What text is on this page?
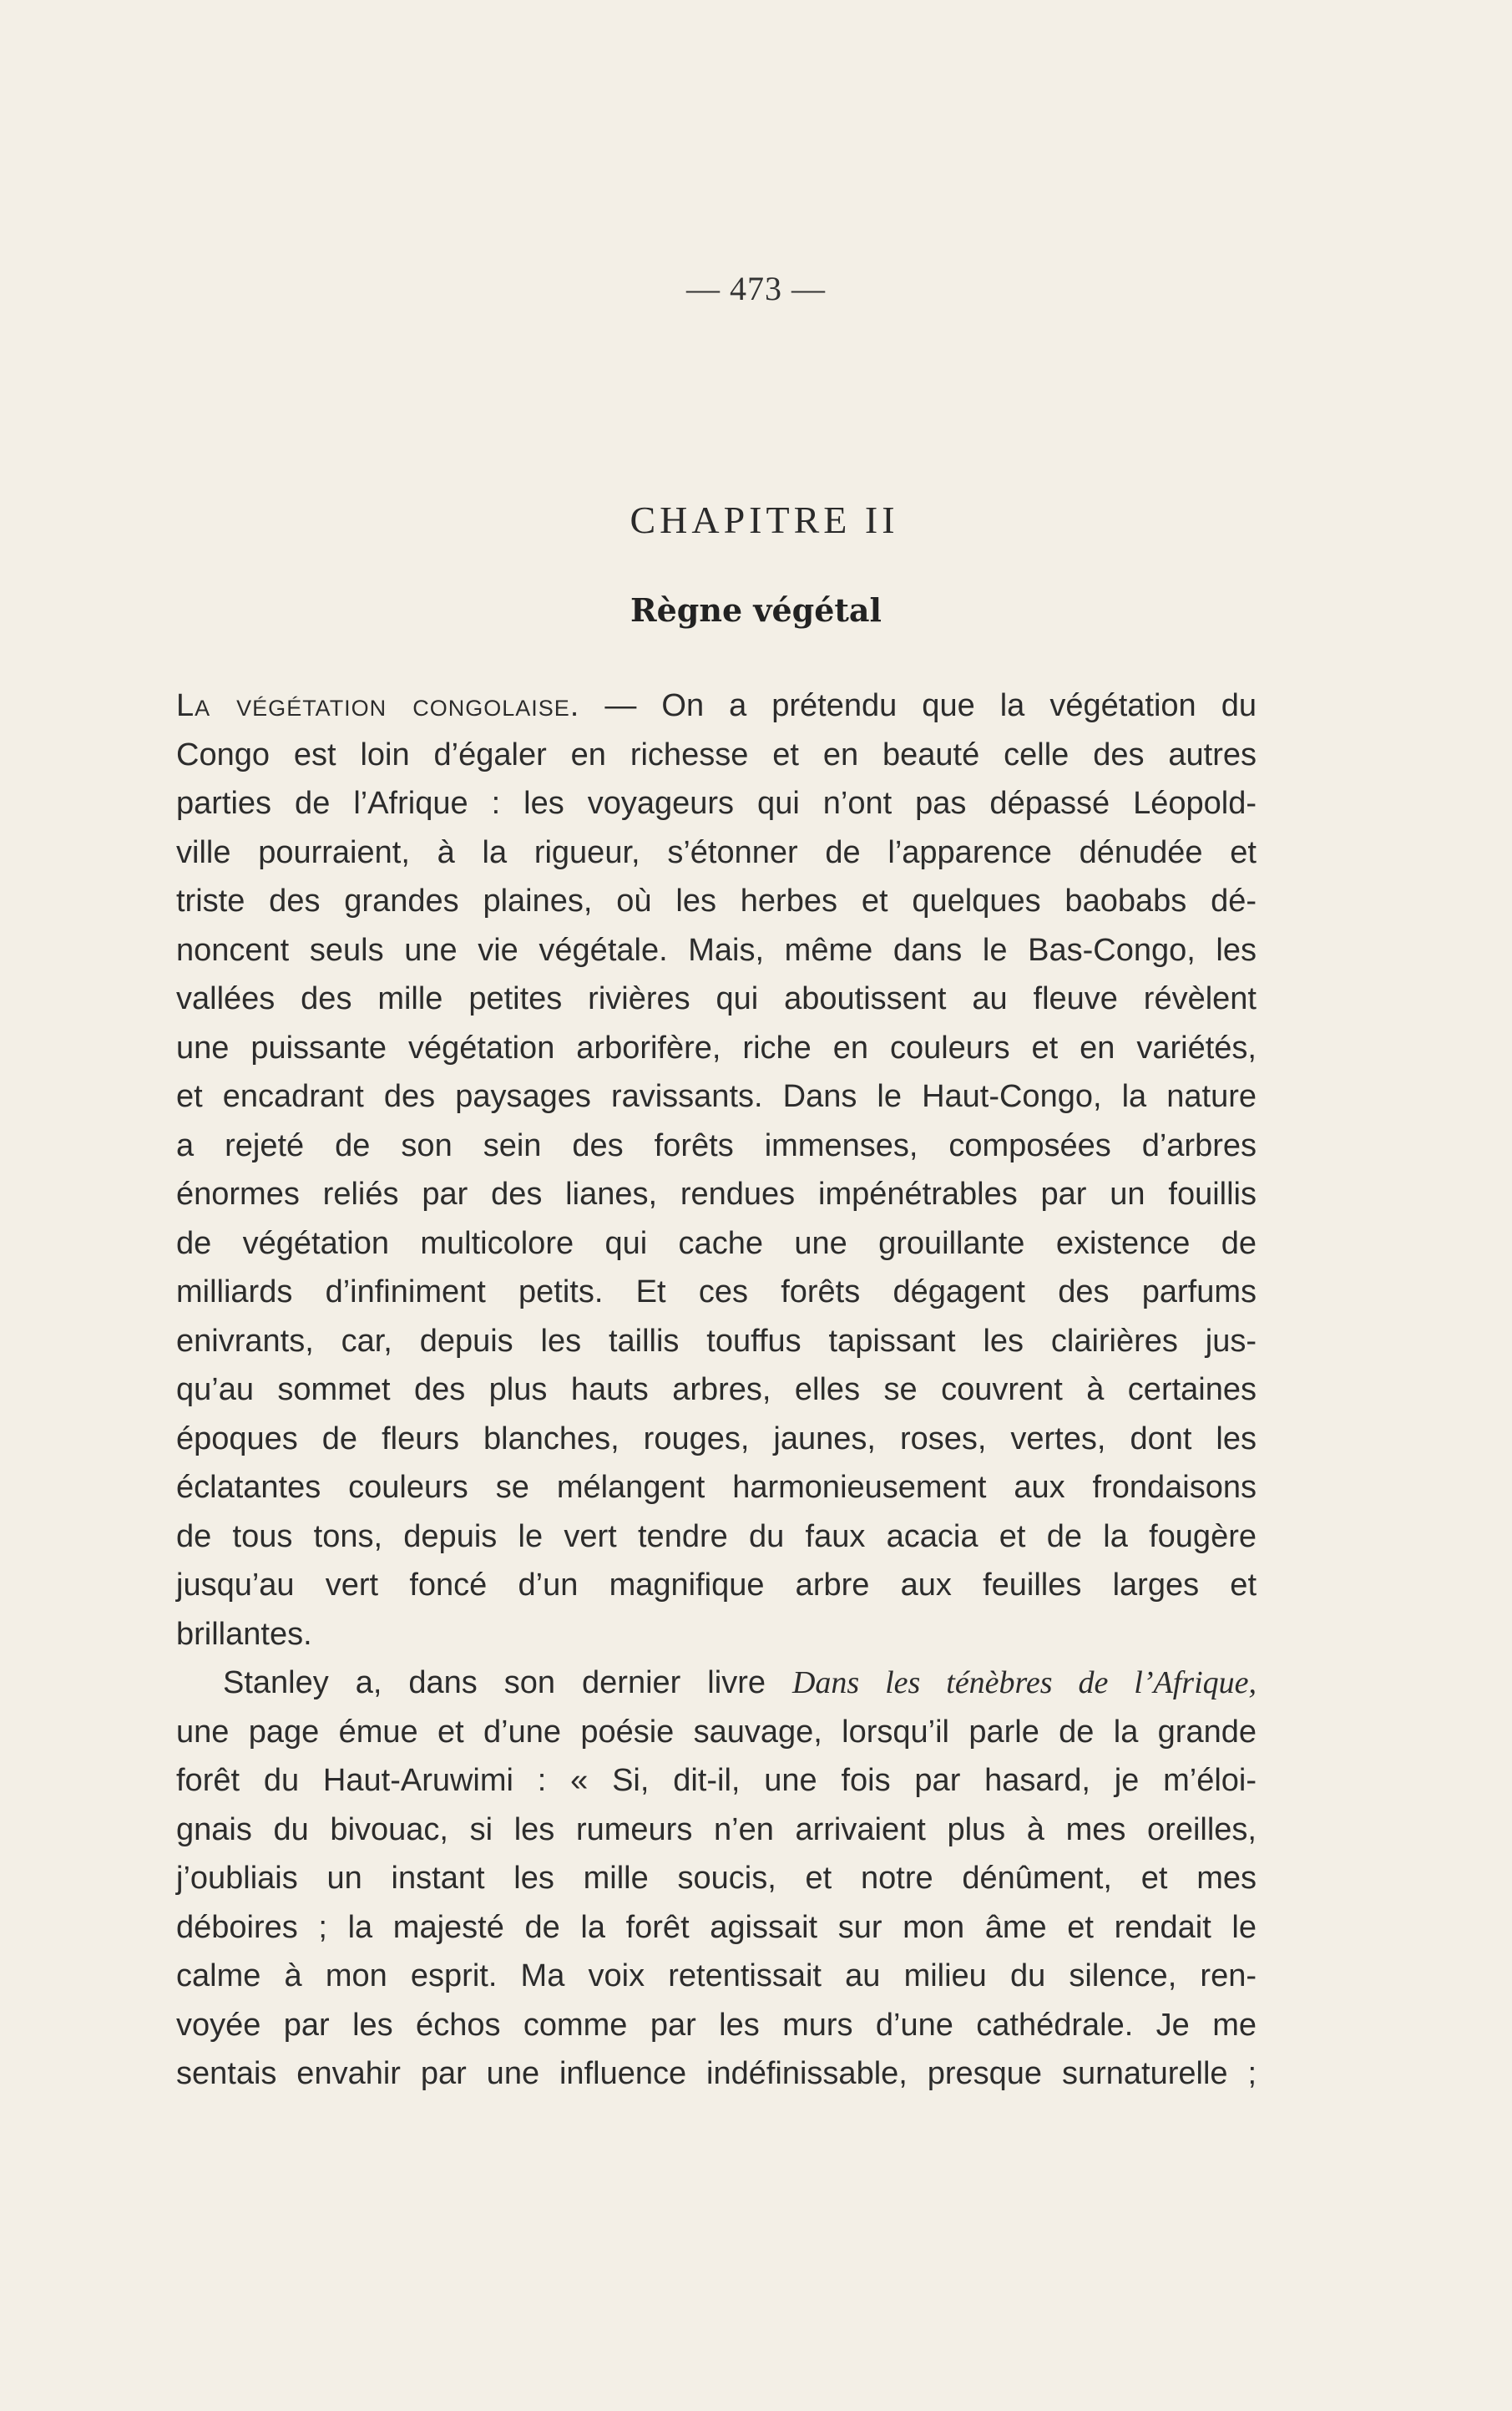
— 473 —
CHAPITRE II
Règne végétal
La végétation congolaise. — On a prétendu que la végétation du
Congo est loin d’égaler en richesse et en beauté celle des autres
parties de l’Afrique : les voyageurs qui n’ont pas dépassé Léopold-
ville pourraient, à la rigueur, s’étonner de l’apparence dénudée et
triste des grandes plaines, où les herbes et quelques baobabs dé-
noncent seuls une vie végétale. Mais, même dans le Bas-Congo, les
vallées des mille petites rivières qui aboutissent au fleuve révèlent
une puissante végétation arborifère, riche en couleurs et en variétés,
et encadrant des paysages ravissants. Dans le Haut-Congo, la nature
a rejeté de son sein des forêts immenses, composées d’arbres
énormes reliés par des lianes, rendues impénétrables par un fouillis
de végétation multicolore qui cache une grouillante existence de
milliards d’infiniment petits. Et ces forêts dégagent des parfums
enivrants, car, depuis les taillis touffus tapissant les clairières jus-
qu’au sommet des plus hauts arbres, elles se couvrent à certaines
époques de fleurs blanches, rouges, jaunes, roses, vertes, dont les
éclatantes couleurs se mélangent harmonieusement aux frondaisons
de tous tons, depuis le vert tendre du faux acacia et de la fougère
jusqu’au vert foncé d’un magnifique arbre aux feuilles larges et
brillantes.
Stanley a, dans son dernier livre Dans les ténèbres de l’Afrique,
une page émue et d’une poésie sauvage, lorsqu’il parle de la grande
forêt du Haut-Aruwimi : « Si, dit-il, une fois par hasard, je m’éloi-
gnais du bivouac, si les rumeurs n’en arrivaient plus à mes oreilles,
j’oubliais un instant les mille soucis, et notre dénûment, et mes
déboires ; la majesté de la forêt agissait sur mon âme et rendait le
calme à mon esprit. Ma voix retentissait au milieu du silence, ren-
voyée par les échos comme par les murs d’une cathédrale. Je me
sentais envahir par une influence indéfinissable, presque surnaturelle ;
